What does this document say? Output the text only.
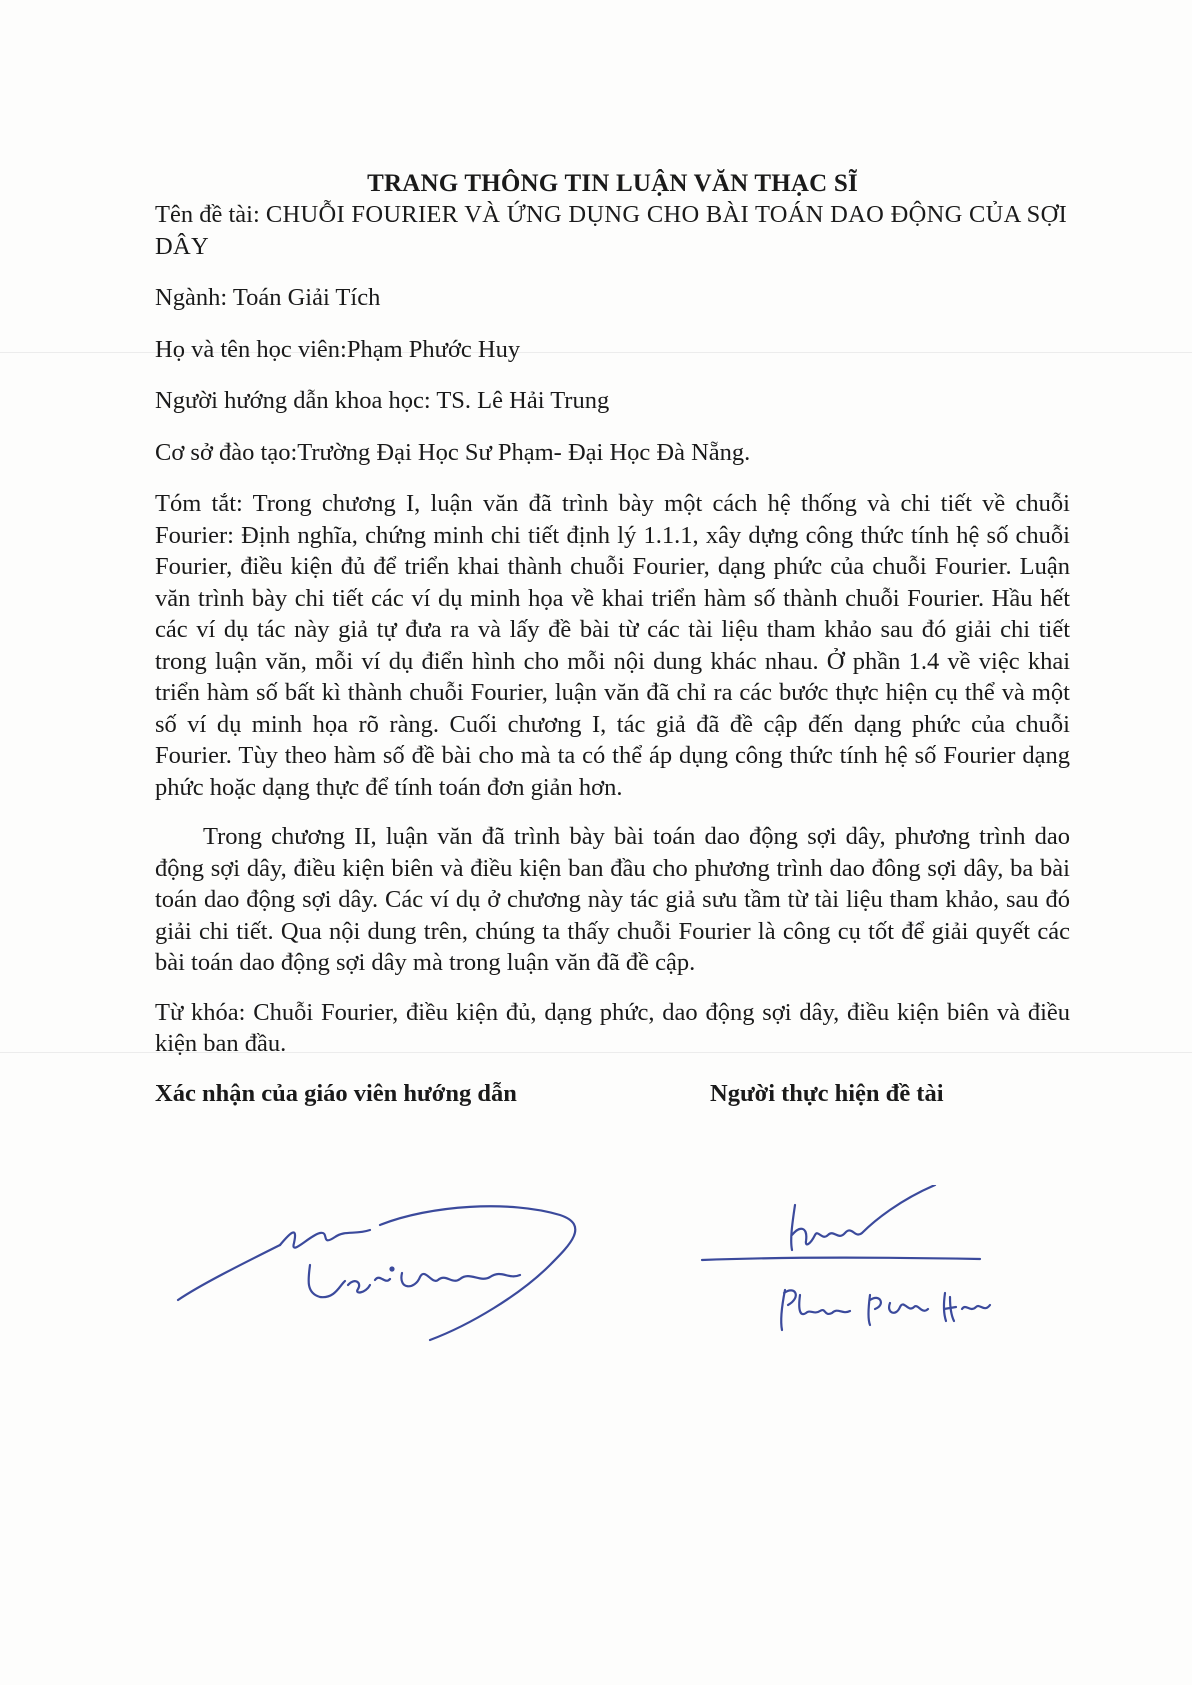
TRANG THÔNG TIN LUẬN VĂN THẠC SĨ

Tên đề tài: CHUỖI FOURIER VÀ ỨNG DỤNG CHO BÀI TOÁN DAO ĐỘNG CỦA SỢI DÂY

Ngành: Toán Giải Tích

Họ và tên học viên:Phạm Phước Huy

Người hướng dẫn khoa học: TS. Lê Hải Trung

Cơ sở đào tạo:Trường Đại Học Sư Phạm- Đại Học Đà Nẵng.

Tóm tắt: Trong chương I, luận văn đã trình bày một cách hệ thống và chi tiết về chuỗi Fourier: Định nghĩa, chứng minh chi tiết định lý 1.1.1, xây dựng công thức tính hệ số chuỗi Fourier, điều kiện đủ để triển khai thành chuỗi Fourier, dạng phức của chuỗi Fourier. Luận văn trình bày chi tiết các ví dụ minh họa về khai triển hàm số thành chuỗi Fourier. Hầu hết các ví dụ tác này giả tự đưa ra và lấy đề bài từ các tài liệu tham khảo sau đó giải chi tiết trong luận văn, mỗi ví dụ điển hình cho mỗi nội dung khác nhau. Ở phần 1.4 về việc khai triển hàm số bất kì thành chuỗi Fourier, luận văn đã chỉ ra các bước thực hiện cụ thể và một số ví dụ minh họa rõ ràng. Cuối chương I, tác giả đã đề cập đến dạng phức của chuỗi Fourier. Tùy theo hàm số đề bài cho mà ta có thể áp dụng công thức tính hệ số Fourier dạng phức hoặc dạng thực để tính toán đơn giản hơn.

Trong chương II, luận văn đã trình bày bài toán dao động sợi dây, phương trình dao động sợi dây, điều kiện biên và điều kiện ban đầu cho phương trình dao đông sợi dây, ba bài toán dao động sợi dây. Các ví dụ ở chương này tác giả sưu tầm từ tài liệu tham khảo, sau đó giải chi tiết. Qua nội dung trên, chúng ta thấy chuỗi Fourier là công cụ tốt để giải quyết các bài toán dao động sợi dây mà trong luận văn đã đề cập.

Từ khóa: Chuỗi Fourier, điều kiện đủ, dạng phức, dao động sợi dây, điều kiện biên và điều kiện ban đầu.

Xác nhận của giáo viên hướng dẫn	Người thực hiện đề tài
